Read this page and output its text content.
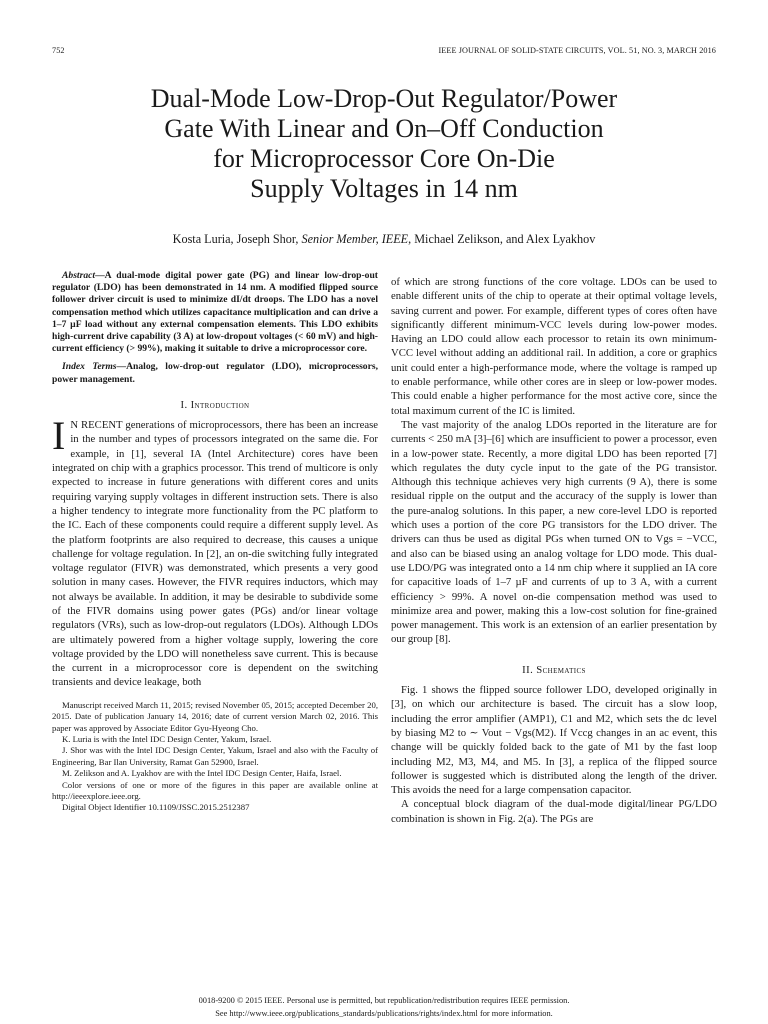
752	IEEE JOURNAL OF SOLID-STATE CIRCUITS, VOL. 51, NO. 3, MARCH 2016
Dual-Mode Low-Drop-Out Regulator/Power
Gate With Linear and On–Off Conduction
for Microprocessor Core On-Die
Supply Voltages in 14 nm
Kosta Luria, Joseph Shor, Senior Member, IEEE, Michael Zelikson, and Alex Lyakhov

Abstract—A dual-mode digital power gate (PG) and linear low-drop-out regulator (LDO) has been demonstrated in 14 nm. A modified flipped source follower driver circuit is used to minimize dI/dt droops. The LDO has a novel compensation method which utilizes capacitance multiplication and can drive a 1–7 µF load without any external compensation elements. This LDO exhibits high-current drive capability (3 A) at low-dropout voltages (< 60 mV) and high-current efficiency (> 99%), making it suitable to drive a microprocessor core.

Index Terms—Analog, low-drop-out regulator (LDO), microprocessors, power management.

I. Introduction

I N RECENT generations of microprocessors, there has been an increase in the number and types of processors integrated on the same die. For example, in [1], several IA (Intel Architecture) cores have been integrated on chip with a graphics processor. This trend of multicore is only expected to increase in future generations with different cores and units requiring varying supply voltages in different instruction sets. There is also a higher tendency to integrate more functionality from the PC platform to the IC. Each of these components could require a different supply level. As the platform footprints are also required to decrease, this causes a unique challenge for voltage regulation. In [2], an on-die switching fully integrated voltage regulator (FIVR) was demonstrated, which presents a very good solution in many cases. However, the FIVR requires inductors, which may not always be available. In addition, it may be desirable to subdivide some of the FIVR domains using power gates (PGs) and/or linear voltage regulators (VRs), such as low-drop-out regulators (LDOs). Although LDOs are ultimately powered from a higher voltage supply, lowering the core voltage provided by the LDO will nonetheless save current. This is because the current in a microprocessor core is dependent on the switching transients and device leakage, both

Manuscript received March 11, 2015; revised November 05, 2015; accepted December 20, 2015. Date of publication January 14, 2016; date of current version March 02, 2016. This paper was approved by Associate Editor Gyu-Hyeong Cho.

K. Luria is with the Intel IDC Design Center, Yakum, Israel.

J. Shor was with the Intel IDC Design Center, Yakum, Israel and also with the Faculty of Engineering, Bar Ilan University, Ramat Gan 52900, Israel.

M. Zelikson and A. Lyakhov are with the Intel IDC Design Center, Haifa, Israel.

Color versions of one or more of the figures in this paper are available online at http://ieeexplore.ieee.org.

Digital Object Identifier 10.1109/JSSC.2015.2512387

of which are strong functions of the core voltage. LDOs can be used to enable different units of the chip to operate at their optimal voltage levels, saving current and power. For example, different types of cores often have significantly different minimum-VCC levels during low-power modes. Having an LDO could allow each processor to retain its own minimum-VCC level without adding an additional rail. In addition, a core or graphics unit could enter a high-performance mode, where the voltage is ramped up to enable performance, while other cores are in sleep or low-power modes. This could enable a higher performance for the most active core, since the total maximum current of the IC is limited.

The vast majority of the analog LDOs reported in the literature are for currents < 250 mA [3]–[6] which are insufficient to power a processor, even in a low-power state. Recently, a more digital LDO has been reported [7] which regulates the duty cycle input to the gate of the PG transistor. Although this technique achieves very high currents (9 A), there is some residual ripple on the output and the accuracy of the supply is lower than the pure-analog solutions. In this paper, a new core-level LDO is reported which uses a portion of the core PG transistors for the LDO driver. The drivers can thus be used as digital PGs when turned ON to Vgs = −VCC, and also can be biased using an analog voltage for LDO mode. This dual-use LDO/PG was integrated onto a 14 nm chip where it supplied an IA core for capacitive loads of 1–7 µF and currents of up to 3 A, with a current efficiency > 99%. A novel on-die compensation method was used to minimize area and power, making this a low-cost solution for fine-grained power management. This work is an extension of an earlier presentation by our group [8].

II. Schematics

Fig. 1 shows the flipped source follower LDO, developed originally in [3], on which our architecture is based. The circuit has a slow loop, including the error amplifier (AMP1), C1 and M2, which sets the dc level by biasing M2 to ∼ Vout − Vgs(M2). If Vccg changes in an ac event, this change will be quickly folded back to the gate of M1 by the fast loop including M2, M3, M4, and M5. In [3], a replica of the flipped source follower is suggested which is distributed along the length of the driver. This avoids the need for a large compensation capacitor.

A conceptual block diagram of the dual-mode digital/linear PG/LDO combination is shown in Fig. 2(a). The PGs are

0018-9200 © 2015 IEEE. Personal use is permitted, but republication/redistribution requires IEEE permission.
See http://www.ieee.org/publications_standards/publications/rights/index.html for more information.
